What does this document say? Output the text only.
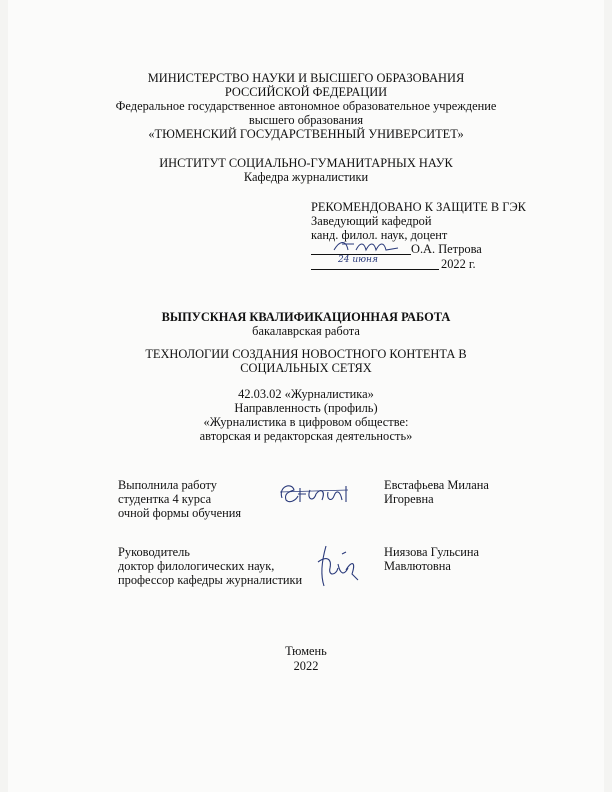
МИНИСТЕРСТВО НАУКИ И ВЫСШЕГО ОБРАЗОВАНИЯ
РОССИЙСКОЙ ФЕДЕРАЦИИ
Федеральное государственное автономное образовательное учреждение
высшего образования
«ТЮМЕНСКИЙ ГОСУДАРСТВЕННЫЙ УНИВЕРСИТЕТ»
ИНСТИТУТ СОЦИАЛЬНО-ГУМАНИТАРНЫХ НАУК
Кафедра журналистики
РЕКОМЕНДОВАНО К ЗАЩИТЕ В ГЭК
Заведующий кафедрой
канд. филол. наук, доцент
О.А. Петрова
24 июня	2022 г.
ВЫПУСКНАЯ КВАЛИФИКАЦИОННАЯ РАБОТА
бакалаврская работа
ТЕХНОЛОГИИ СОЗДАНИЯ НОВОСТНОГО КОНТЕНТА В
СОЦИАЛЬНЫХ СЕТЯХ
42.03.02 «Журналистика»
Направленность (профиль)
«Журналистика в цифровом обществе:
авторская и редакторская деятельность»
Выполнила работу
студентка 4 курса
очной формы обучения
Евстафьева Милана
Игоревна
Руководитель
доктор филологических наук,
профессор кафедры журналистики
Ниязова Гульсина
Мавлютовна
Тюмень
2022
